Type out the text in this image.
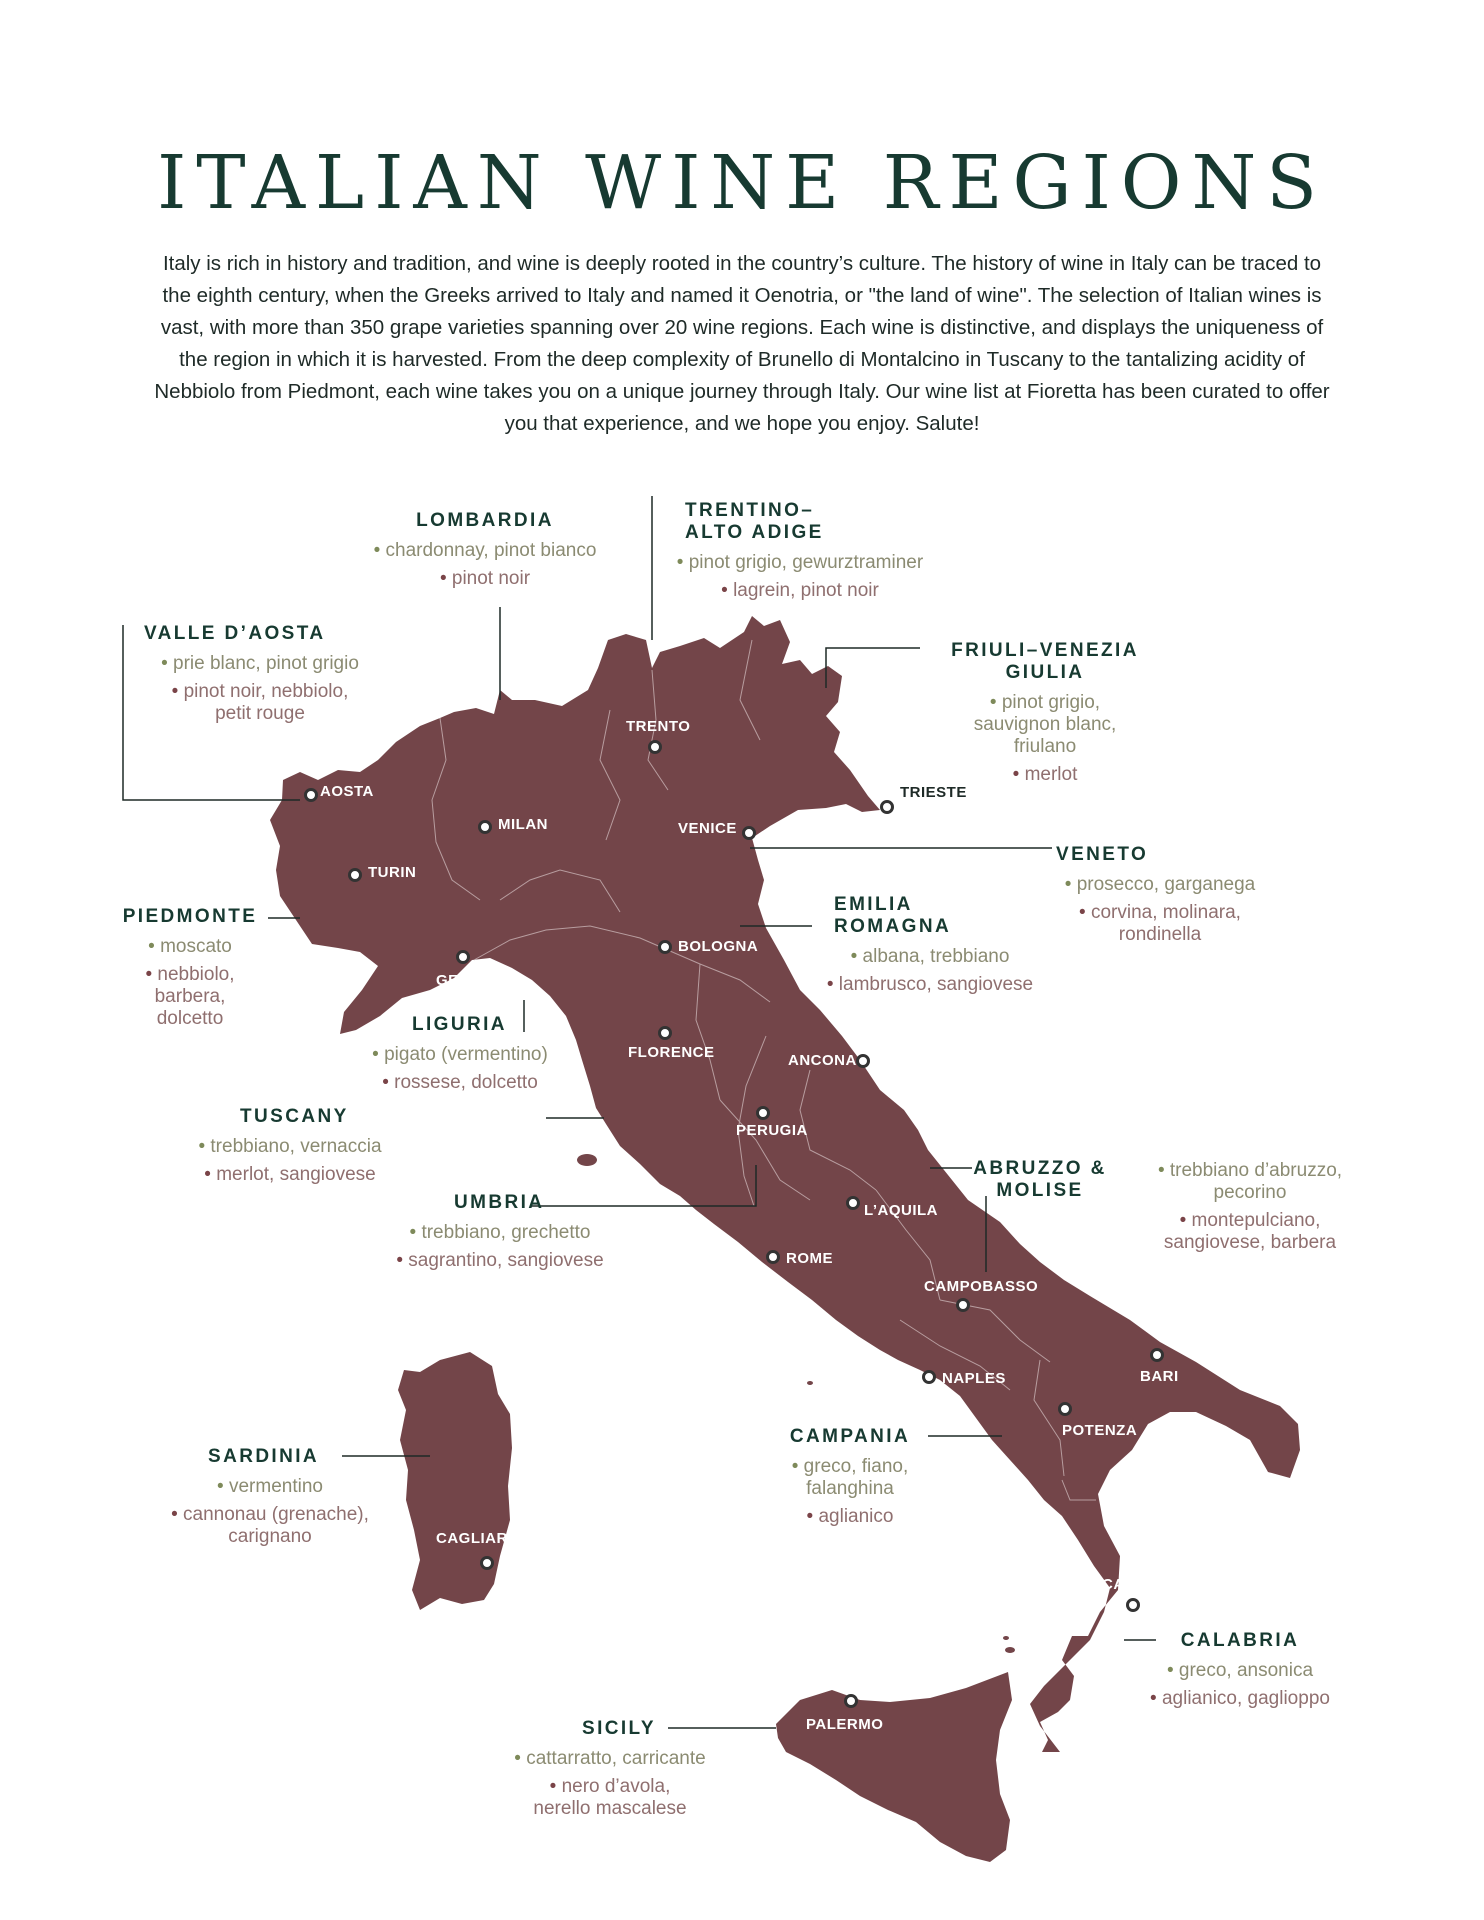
ITALIAN WINE REGIONS

Italy is rich in history and tradition, and wine is deeply rooted in the country’s culture. The history of wine in Italy can be traced to the eighth century, when the Greeks arrived to Italy and named it Oenotria, or "the land of wine". The selection of Italian wines is vast, with more than 350 grape varieties spanning over 20 wine regions. Each wine is distinctive, and displays the uniqueness of the region in which it is harvested. From the deep complexity of Brunello di Montalcino in Tuscany to the tantalizing acidity of Nebbiolo from Piedmont, each wine takes you on a unique journey through Italy. Our wine list at Fioretta has been curated to offer you that experience, and we hope you enjoy. Salute!

AOSTA
TURIN
MILAN
TRENTO
VENICE
TRIESTE
GENOA
BOLOGNA
FLORENCE	ANCONA
PERUGIA
L’AQUILA
ROME
CAMPOBASSO
NAPLES	BARI
POTENZA
CAGLIARI
CATANZO
PALERMO
LOMBARDIA
• chardonnay, pinot bianco
• pinot noir
TRENTINO–
ALTO ADIGE
• pinot grigio, gewurztraminer
• lagrein, pinot noir
VALLE D’AOSTA
• prie blanc, pinot grigio
• pinot noir, nebbiolo,
petit rouge
FRIULI–VENEZIA
GIULIA
• pinot grigio,
sauvignon blanc,
friulano
• merlot
VENETO
• prosecco, garganega
• corvina, molinara,
rondinella
PIEDMONTE
• moscato
• nebbiolo,
barbera,
dolcetto
EMILIA
ROMAGNA
• albana, trebbiano
• lambrusco, sangiovese
LIGURIA
• pigato (vermentino)
• rossese, dolcetto
TUSCANY
• trebbiano, vernaccia
• merlot, sangiovese	ABRUZZO &
MOLISE
• trebbiano d’abruzzo,
pecorino
• montepulciano,
sangiovese, barbera
UMBRIA
• trebbiano, grechetto
• sagrantino, sangiovese
SARDINIA
• vermentino
• cannonau (grenache),
carignano
CAMPANIA
• greco, fiano,
falanghina
• aglianico
CALABRIA
• greco, ansonica
• aglianico, gaglioppo
SICILY
• cattarratto, carricante
• nero d’avola,
nerello mascalese
